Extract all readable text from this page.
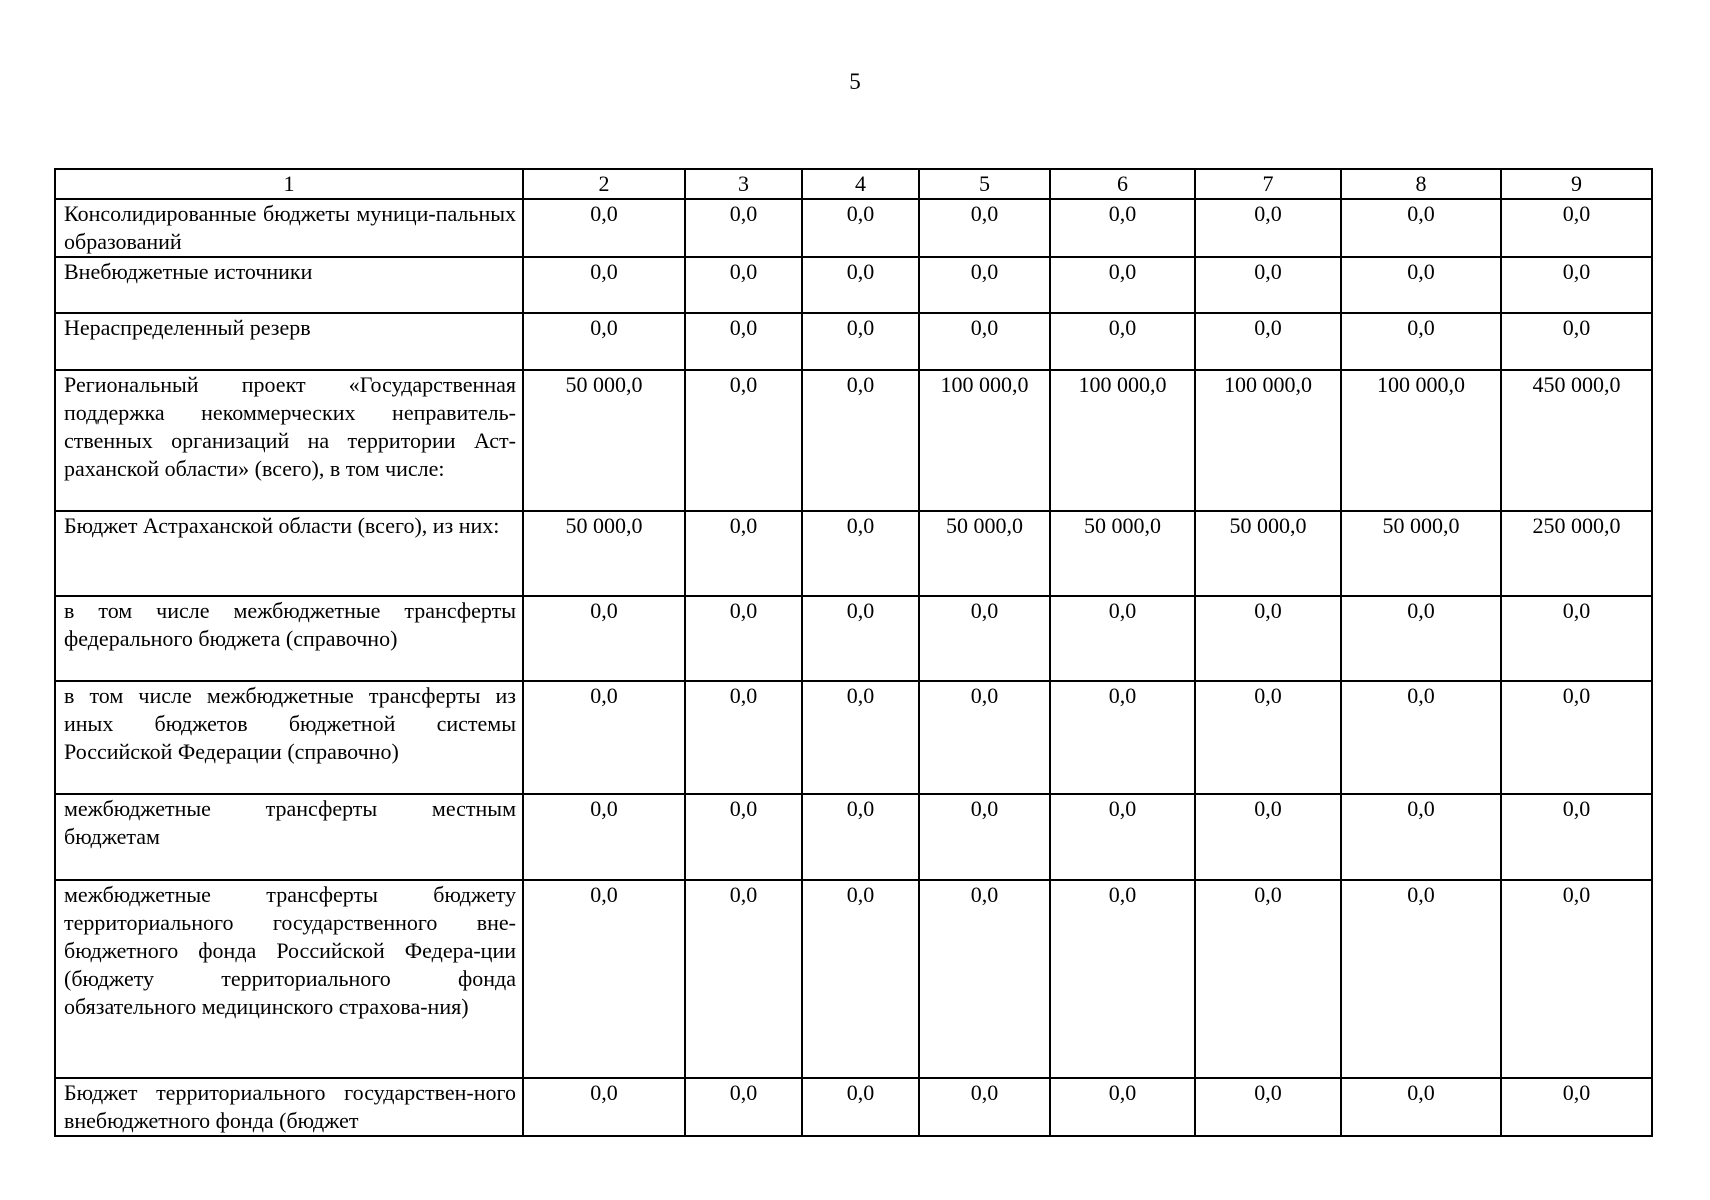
5
1	2	3	4	5	6	7	8	9
Консолидированные бюджеты муници-пальных образований	0,0	0,0	0,0	0,0	0,0	0,0	0,0	0,0
Внебюджетные источники	0,0	0,0	0,0	0,0	0,0	0,0	0,0	0,0
Нераспределенный резерв	0,0	0,0	0,0	0,0	0,0	0,0	0,0	0,0
Региональный проект «Государственная поддержка некоммерческих неправитель-ственных организаций на территории Аст-раханской области» (всего), в том числе:	50 000,0	0,0	0,0	100 000,0	100 000,0	100 000,0	100 000,0	450 000,0
Бюджет Астраханской области (всего), из них:	50 000,0	0,0	0,0	50 000,0	50 000,0	50 000,0	50 000,0	250 000,0
в том числе межбюджетные трансферты федерального бюджета (справочно)	0,0	0,0	0,0	0,0	0,0	0,0	0,0	0,0
в том числе межбюджетные трансферты из иных бюджетов бюджетной системы Российской Федерации (справочно)	0,0	0,0	0,0	0,0	0,0	0,0	0,0	0,0
межбюджетные трансферты местным бюджетам	0,0	0,0	0,0	0,0	0,0	0,0	0,0	0,0
межбюджетные трансферты бюджету территориального государственного вне-бюджетного фонда Российской Федера-ции (бюджету территориального фонда обязательного медицинского страхова-ния)	0,0	0,0	0,0	0,0	0,0	0,0	0,0	0,0
Бюджет территориального государствен-ного внебюджетного фонда (бюджет	0,0	0,0	0,0	0,0	0,0	0,0	0,0	0,0
